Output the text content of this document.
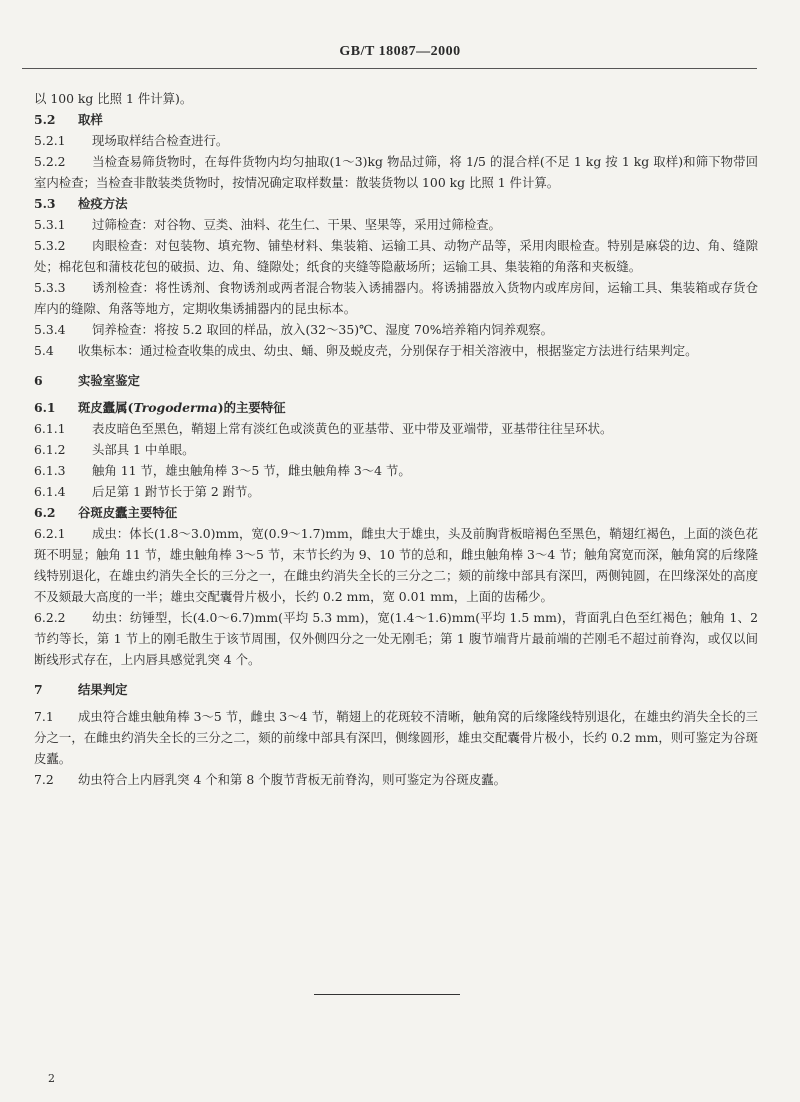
GB/T 18087—2000
以 100 kg 比照 1 件计算)。
5.2 取样
5.2.1 现场取样结合检查进行。
5.2.2 当检查易筛货物时，在每件货物内均匀抽取(1～3)kg 物品过筛，将 1/5 的混合样(不足 1 kg 按 1 kg 取样)和筛下物带回室内检查；当检查非散装类货物时，按情况确定取样数量：散装货物以 100 kg 比照 1 件计算。
5.3 检疫方法
5.3.1 过筛检查：对谷物、豆类、油料、花生仁、干果、坚果等，采用过筛检查。
5.3.2 肉眼检查：对包装物、填充物、铺垫材料、集装箱、运输工具、动物产品等，采用肉眼检查。特别是麻袋的边、角、缝隙处；棉花包和蒲枝花包的破损、边、角、缝隙处；纸食的夹缝等隐蔽场所；运输工具、集装箱的角落和夹板缝。
5.3.3 诱剂检查：将性诱剂、食物诱剂或两者混合物装入诱捕器内。将诱捕器放入货物内或库房间，运输工具、集装箱或存货仓库内的缝隙、角落等地方，定期收集诱捕器内的昆虫标本。
5.3.4 饲养检查：将按 5.2 取回的样品，放入(32～35)℃、湿度 70%培养箱内饲养观察。
5.4 收集标本：通过检查收集的成虫、幼虫、蛹、卵及蜕皮壳，分别保存于相关溶液中，根据鉴定方法进行结果判定。
6	实验室鉴定
6.1 斑皮蠹属(Trogoderma)的主要特征
6.1.1 表皮暗色至黑色，鞘翅上常有淡红色或淡黄色的亚基带、亚中带及亚端带，亚基带往往呈环状。
6.1.2 头部具 1 中单眼。
6.1.3 触角 11 节，雄虫触角棒 3～5 节，雌虫触角棒 3～4 节。
6.1.4 后足第 1 跗节长于第 2 跗节。
6.2 谷斑皮蠹主要特征
6.2.1 成虫：体长(1.8～3.0)mm，宽(0.9～1.7)mm，雌虫大于雄虫，头及前胸背板暗褐色至黑色，鞘翅红褐色，上面的淡色花斑不明显；触角 11 节，雄虫触角棒 3～5 节，末节长约为 9、10 节的总和，雌虫触角棒 3～4 节；触角窝宽而深，触角窝的后缘隆线特别退化，在雄虫约消失全长的三分之一，在雌虫约消失全长的三分之二；颏的前缘中部具有深凹，两侧钝圆，在凹缘深处的高度不及颏最大高度的一半；雄虫交配囊骨片极小，长约 0.2 mm，宽 0.01 mm，上面的齿稀少。
6.2.2 幼虫：纺锤型，长(4.0～6.7)mm(平均 5.3 mm)，宽(1.4～1.6)mm(平均 1.5 mm)，背面乳白色至红褐色；触角 1、2 节约等长，第 1 节上的刚毛散生于该节周围，仅外侧四分之一处无刚毛；第 1 腹节端背片最前端的芒刚毛不超过前脊沟，或仅以间断线形式存在，上内唇具感觉乳突 4 个。
7	结果判定
7.1 成虫符合雄虫触角棒 3～5 节，雌虫 3～4 节，鞘翅上的花斑较不清晰，触角窝的后缘隆线特别退化，在雄虫约消失全长的三分之一，在雌虫约消失全长的三分之二，颏的前缘中部具有深凹，侧缘圆形，雄虫交配囊骨片极小，长约 0.2 mm，则可鉴定为谷斑皮蠹。
7.2 幼虫符合上内唇乳突 4 个和第 8 个腹节背板无前脊沟，则可鉴定为谷斑皮蠹。
2
